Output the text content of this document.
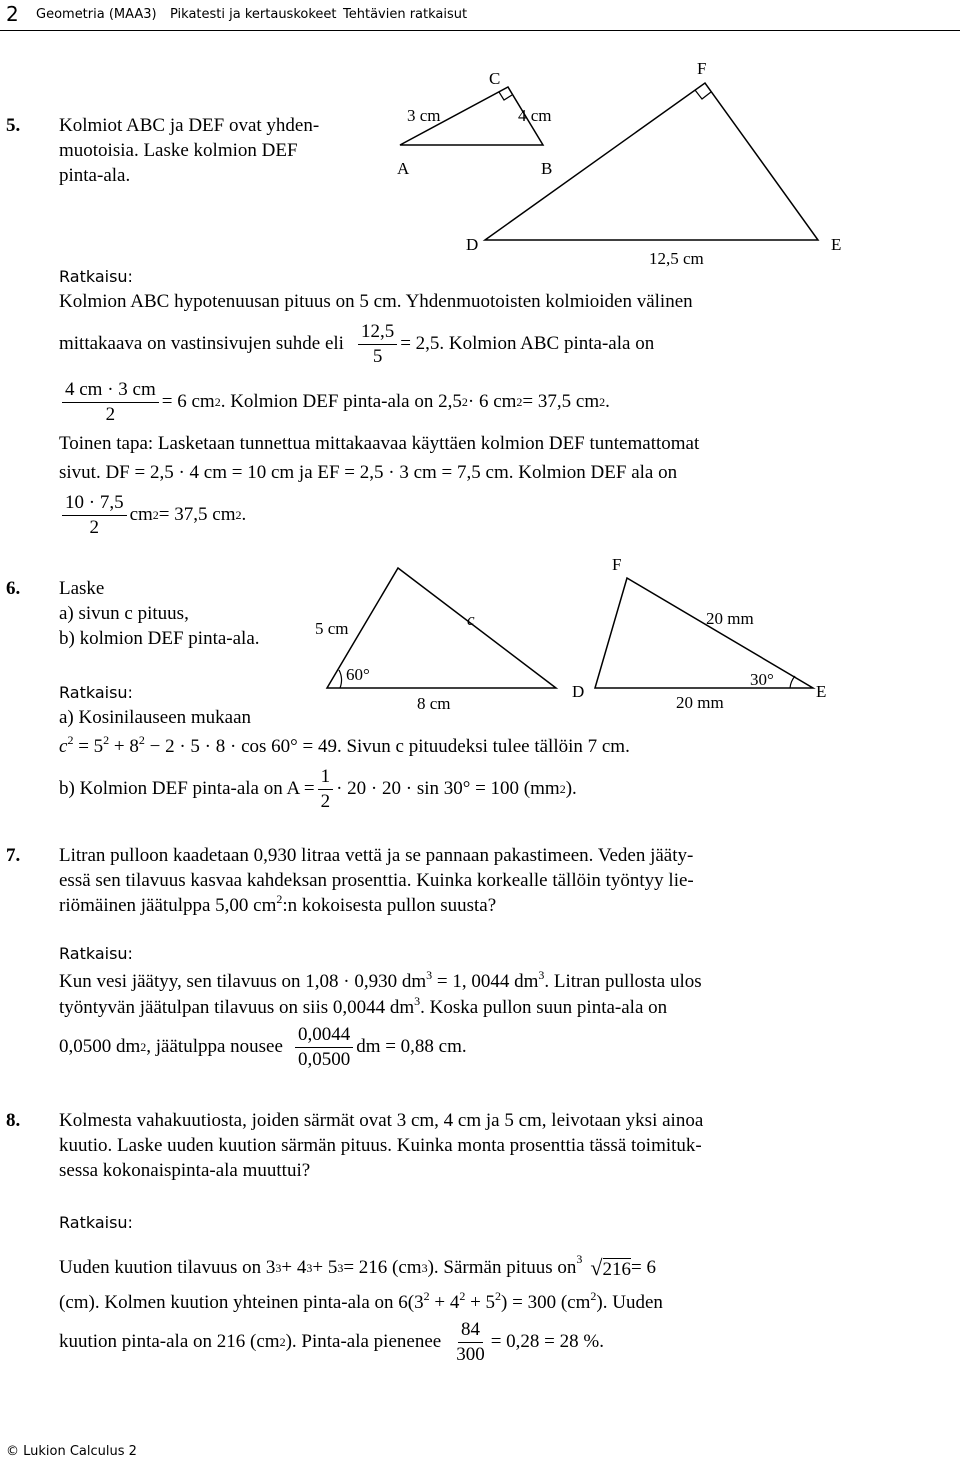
2 Geometria (MAA3) Pikatesti ja kertauskokeet Tehtävien ratkaisut
5. Kolmiot ABC ja DEF ovat yhden-
muotoisia. Laske kolmion DEF
pinta-ala.
C
3 cm	4 cm
A	B
F
D	E
12,5 cm
Ratkaisu:
Kolmion ABC hypotenuusan pituus on 5 cm. Yhdenmuotoisten kolmioiden välinen
mittakaava on vastinsivujen suhde eli $\frac{12,5}{5} = 2,5$. Kolmion ABC pinta-ala on
$\frac{4 cm \cdot 3 cm}{2} = 6$ cm 2 . Kolmion DEF pinta-ala on 2,5 2 · 6 cm 2 = 37,5 cm 2 .
Toinen tapa: Lasketaan tunnettua mittakaavaa käyttäen kolmion DEF tuntemattomat
sivut. DF = 2,5 · 4 cm = 10 cm ja EF = 2,5 · 3 cm = 7,5 cm. Kolmion DEF ala on
$\frac{10 \cdot 7,5}{2}$ cm 2 = 37,5 cm 2 .
6. Laske
a) sivun c pituus,
b) kolmion DEF pinta-ala.	5 cm
60°
8 cm
c
F
20 mm
D	E
20 mm
30°
Ratkaisu:
a) Kosinilauseen mukaan
$c^2 = 5^2 + 8^2 - 2 \cdot 5 \cdot 8 \cdot \cos 60^\circ = 49$. Sivun c pituudeksi tulee tällöin 7 cm.
b) Kolmion DEF pinta-ala on $A = \frac{1}{2} \cdot 20 \cdot 20 \cdot \sin 30^\circ = 100$ (mm 2 ).
7. Litran pulloon kaadetaan 0,930 litraa vettä ja se pannaan pakastimeen. Veden jääty-
essä sen tilavuus kasvaa kahdeksan prosenttia. Kuinka korkealle tällöin työntyy lie-
riömäinen jäätulppa 5,00 $cm^2:n$ kokoisesta pullon suusta?
Ratkaisu:
Kun vesi jäätyy, sen tilavuus on 1,08 · 0,930 $dm^3 = 1$, 0044 $dm^3$. Litran pullosta ulos
työntyvän jäätulpan tilavuus on siis 0,0044 $dm^3$. Koska pullon suun pinta-ala on
0,0500 dm 2 , jäätulppa nousee $\frac{0,0044}{0,0500}$ dm = 0,88 cm.
8. Kolmesta vahakuutiosta, joiden särmät ovat 3 cm, 4 cm ja 5 cm, leivotaan yksi ainoa
kuutio. Laske uuden kuution särmän pituus. Kuinka monta prosenttia tässä toimituk-
sessa kokonaispinta-ala muuttui?
Ratkaisu:
Uuden kuution tilavuus on 3 3 + 4 3 + 5 3 = 216 (cm 3 ). Särmän pituus on 3 √216 = 6
(cm). Kolmen kuution yhteinen pinta-ala on $6(3^2 + 4^2 + 5^2) = 300$ $(cm^2)$. Uuden
kuution pinta-ala on 216 (cm 2 ). Pinta-ala pienenee $\frac{84}{300} = 0,28 = 28$ %.
© Lukion Calculus 2
